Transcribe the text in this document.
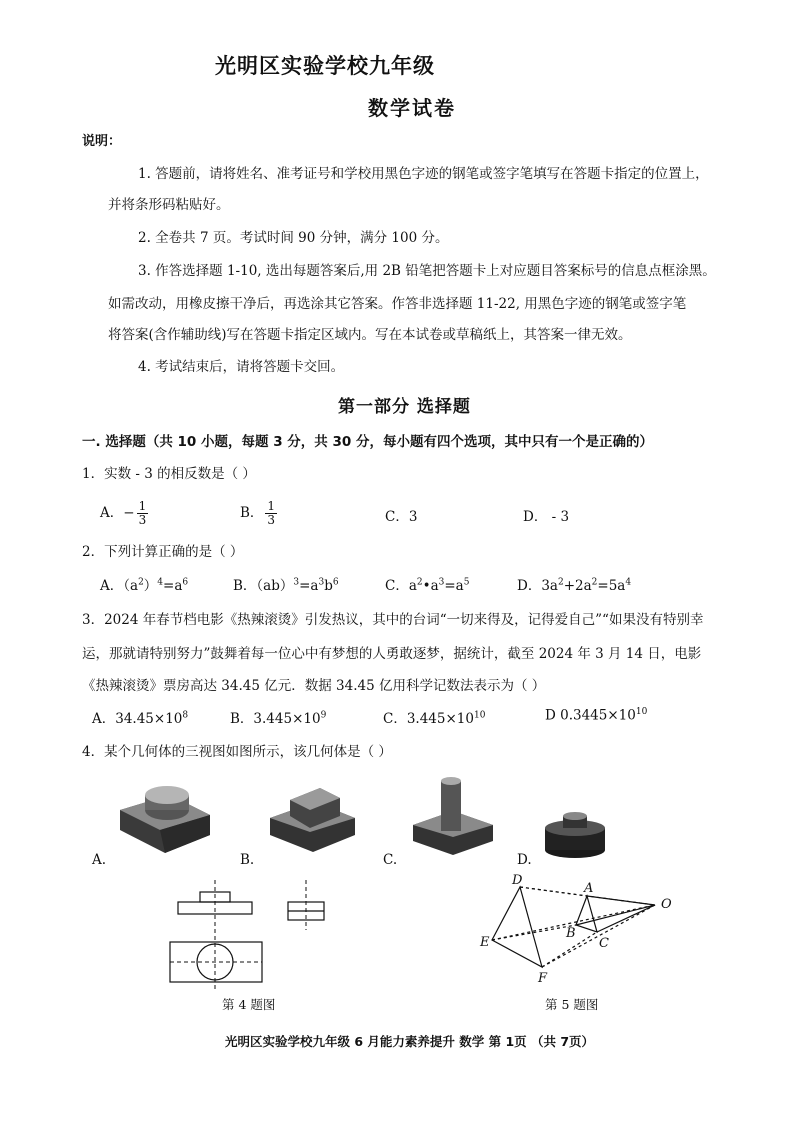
光明区实验学校九年级
数学试卷
说明：
1. 答题前，请将姓名、准考证号和学校用黑色字迹的钢笔或签字笔填写在答题卡指定的位置上，
并将条形码粘贴好。
2. 全卷共 7 页。考试时间 90 分钟，满分 100 分。
3. 作答选择题 1-10, 选出每题答案后,用 2B 铅笔把答题卡上对应题目答案标号的信息点框涂黑。
如需改动，用橡皮擦干净后，再选涂其它答案。作答非选择题 11-22, 用黑色字迹的钢笔或签字笔
将答案(含作辅助线)写在答题卡指定区域内。写在本试卷或草稿纸上，其答案一律无效。
4. 考试结束后，请将答题卡交回。
第一部分 选择题
一. 选择题（共 10 小题，每题 3 分，共 30 分，每小题有四个选项，其中只有一个是正确的）
1．实数 - 3 的相反数是（ ）
A．− $\frac{1}{3}$	B． $\frac{1}{3}$	C．3	D． - 3
2．下列计算正确的是（ ）
A．$(a^2)^4=a^6$	B．$(ab)^3=a^3b^6$	C．$a^2•a^3=a^5$	D．$3a^2+2a^2=5a^4$
3．2024 年春节档电影《热辣滚烫》引发热议，其中的台词“一切来得及，记得爱自己”“如果没有特别幸
运，那就请特别努力”鼓舞着每一位心中有梦想的人勇敢逐梦，据统计，截至 2024 年 3 月 14 日，电影
《热辣滚烫》票房高达 34.45 亿元．数据 34.45 亿用科学记数法表示为（ ）
A．$34.45\times 10^8$	B．$3.445\times 10^9$	C．$3.445\times 10^{10}$	D $0.3445\times 10^{10}$
4．某个几何体的三视图如图所示，该几何体是（ ）
A.	B.	C.	D.
第 4 题图
D
A
O
B
C
E
F
第 5 题图
光明区实验学校九年级 6 月能力素养提升 数学 第 1页 （共 7页）
